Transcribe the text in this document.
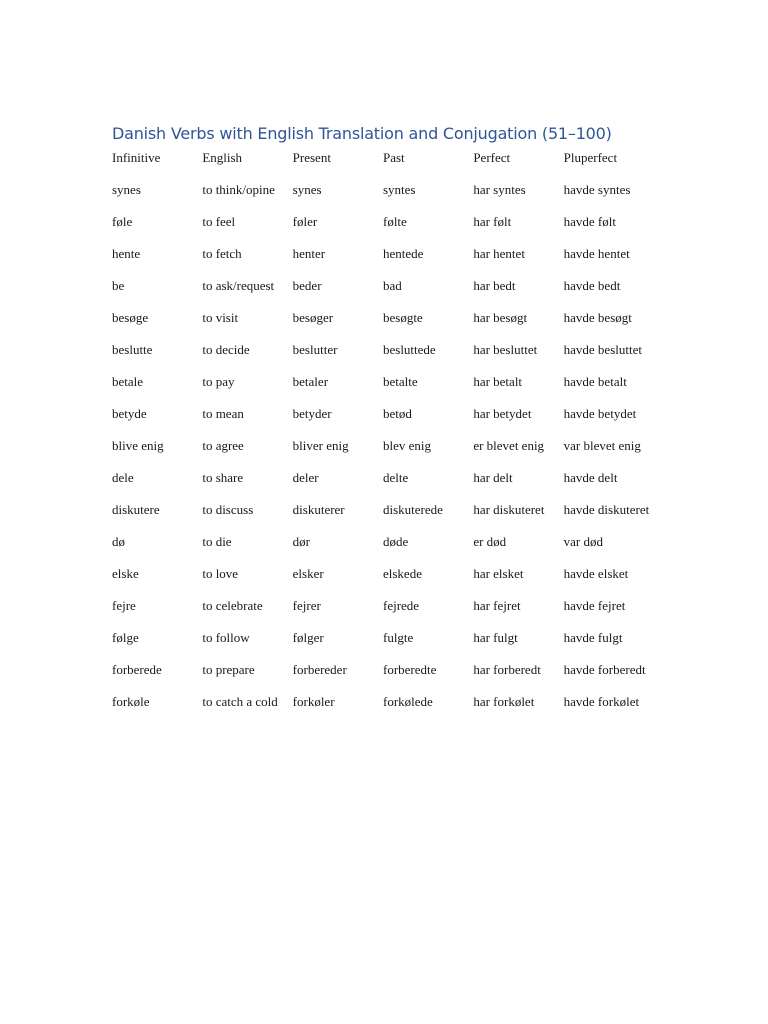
Danish Verbs with English Translation and Conjugation (51–100)
Infinitive	English	Present	Past	Perfect	Pluperfect
synes	to think/opine	synes	syntes	har syntes	havde syntes
føle	to feel	føler	følte	har følt	havde følt
hente	to fetch	henter	hentede	har hentet	havde hentet
be	to ask/request	beder	bad	har bedt	havde bedt
besøge	to visit	besøger	besøgte	har besøgt	havde besøgt
beslutte	to decide	beslutter	besluttede	har besluttet	havde besluttet
betale	to pay	betaler	betalte	har betalt	havde betalt
betyde	to mean	betyder	betød	har betydet	havde betydet
blive enig	to agree	bliver enig	blev enig	er blevet enig	var blevet enig
dele	to share	deler	delte	har delt	havde delt
diskutere	to discuss	diskuterer	diskuterede	har diskuteret	havde diskuteret
dø	to die	dør	døde	er død	var død
elske	to love	elsker	elskede	har elsket	havde elsket
fejre	to celebrate	fejrer	fejrede	har fejret	havde fejret
følge	to follow	følger	fulgte	har fulgt	havde fulgt
forberede	to prepare	forbereder	forberedte	har forberedt	havde forberedt
forkøle	to catch a cold	forkøler	forkølede	har forkølet	havde forkølet
